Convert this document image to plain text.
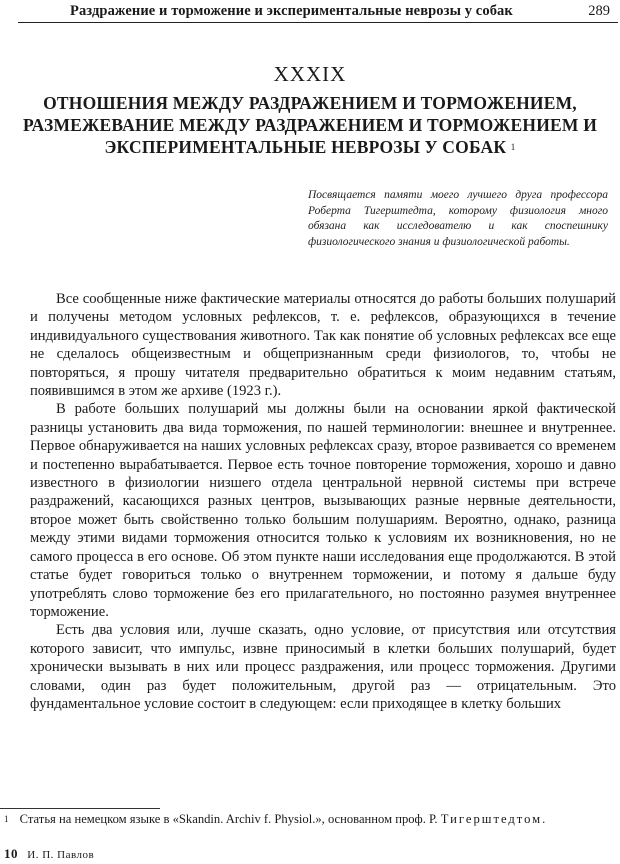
Раздражение и торможение и экспериментальные неврозы у собак	289
XXXIX
ОТНОШЕНИЯ МЕЖДУ РАЗДРАЖЕНИЕМ И ТОРМОЖЕНИЕМ, РАЗМЕЖЕВАНИЕ МЕЖДУ РАЗДРАЖЕНИЕМ И ТОРМОЖЕНИЕМ И ЭКСПЕРИМЕНТАЛЬНЫЕ НЕВРОЗЫ У СОБАК $^1$
Посвящается памяти моего лучшего друга профессора Роберта Тигерштедта, которому физиология много обязана как исследователю и как споспешнику физиологического знания и физиологической работы.

Все сообщенные ниже фактические материалы относятся до работы больших полушарий и получены методом условных рефлексов, т. е. рефлексов, образующихся в течение индивидуального существования животного. Так как понятие об условных рефлексах все еще не сделалось общеизвестным и общепризнанным среди физиологов, то, чтобы не повторяться, я прошу читателя предварительно обратиться к моим недавним статьям, появившимся в этом же архиве (1923 г.).

В работе больших полушарий мы должны были на основании яркой фактической разницы установить два вида торможения, по нашей терминологии: внешнее и внутреннее. Первое обнаруживается на наших условных рефлексах сразу, второе развивается со временем и постепенно вырабатывается. Первое есть точное повторение торможения, хорошо и давно известного в физиологии низшего отдела центральной нервной системы при встрече раздражений, касающихся разных центров, вызывающих разные нервные деятельности, второе может быть свойственно только большим полушариям. Вероятно, однако, разница между этими видами торможения относится только к условиям их возникновения, но не самого процесса в его основе. Об этом пункте наши исследования еще продолжаются. В этой статье будет говориться только о внутреннем торможении, и потому я дальше буду употреблять слово торможение без его прилагательного, но постоянно разумея внутреннее торможение.

Есть два условия или, лучше сказать, одно условие, от присутствия или отсутствия которого зависит, что импульс, извне приносимый в клетки больших полушарий, будет хронически вызывать в них или процесс раздражения, или процесс торможения. Другими словами, один раз будет положительным, другой раз — отрицательным. Это фундаментальное условие состоит в следующем: если приходящее в клетку больших

$^1$ Статья на немецком языке в «Skandin. Archiv f. Physiol.», основанном проф. Р. Тигерштедтом.
10 И. П. Павлов
